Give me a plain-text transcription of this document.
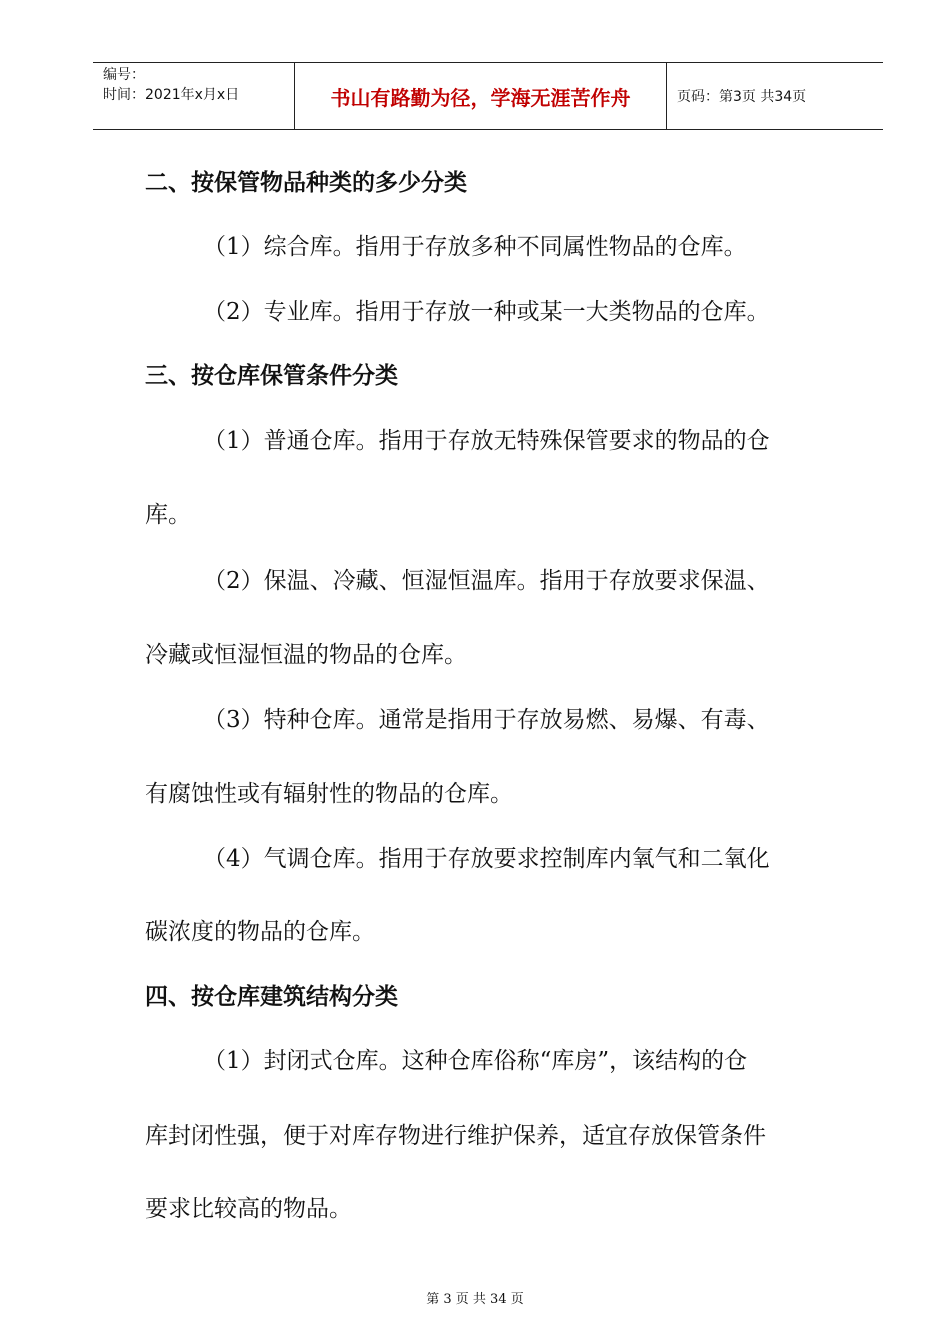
编号：
时间：2021年x月x日	书山有路勤为径，学海无涯苦作舟	页码：第3页 共34页
二、按保管物品种类的多少分类
（1）综合库。指用于存放多种不同属性物品的仓库。
（2）专业库。指用于存放一种或某一大类物品的仓库。
三、按仓库保管条件分类
（1）普通仓库。指用于存放无特殊保管要求的物品的仓
库。
（2）保温、冷藏、恒湿恒温库。指用于存放要求保温、
冷藏或恒湿恒温的物品的仓库。
（3）特种仓库。通常是指用于存放易燃、易爆、有毒、
有腐蚀性或有辐射性的物品的仓库。
（4）气调仓库。指用于存放要求控制库内氧气和二氧化
碳浓度的物品的仓库。
四、按仓库建筑结构分类
（1）封闭式仓库。这种仓库俗称“库房”，该结构的仓
库封闭性强，便于对库存物进行维护保养，适宜存放保管条件
要求比较高的物品。
第 3 页 共 34 页
